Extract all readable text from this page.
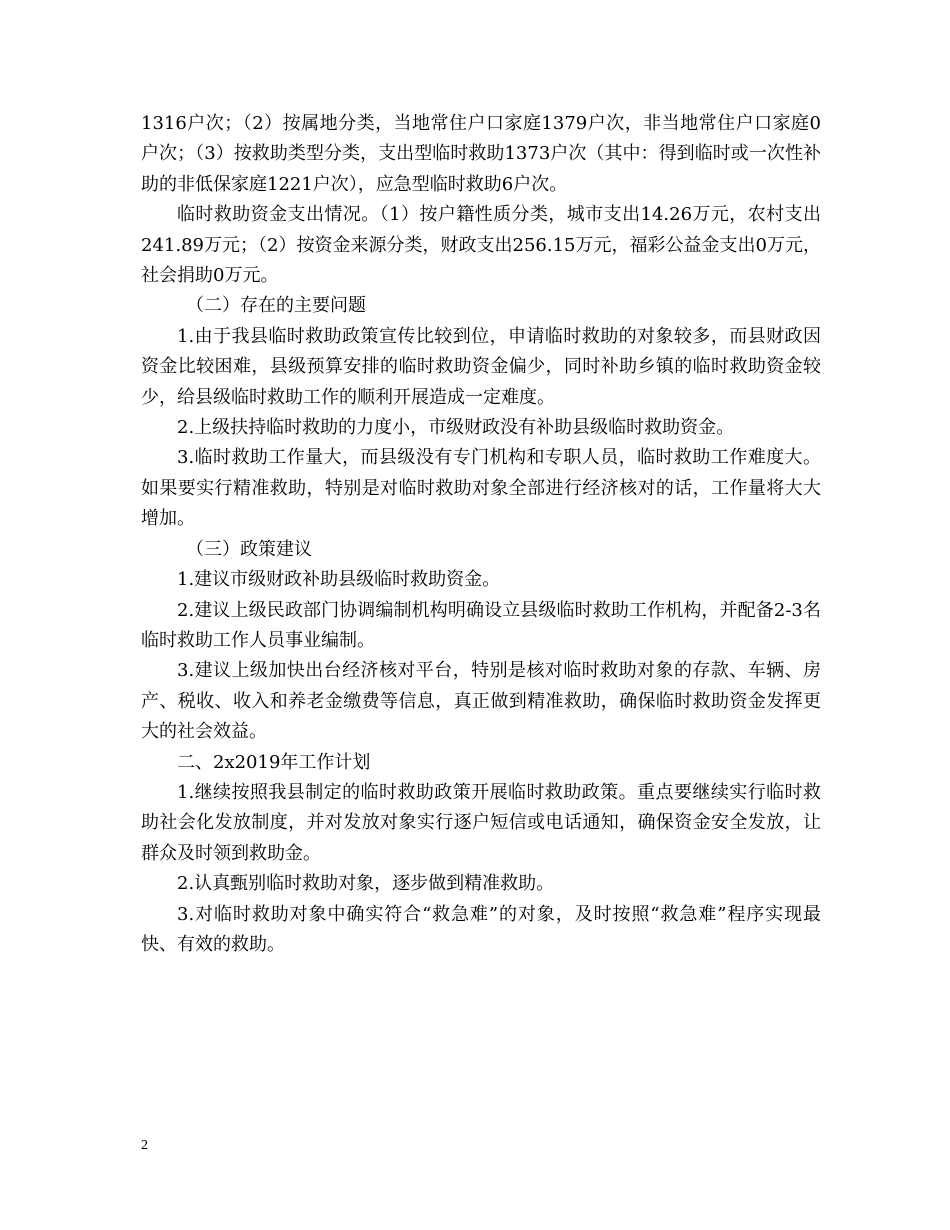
1316户次；（2）按属地分类，当地常住户口家庭1379户次，非当地常住户口家庭0户次；（3）按救助类型分类，支出型临时救助1373户次（其中：得到临时或一次性补助的非低保家庭1221户次），应急型临时救助6户次。

临时救助资金支出情况。（1）按户籍性质分类，城市支出14.26万元，农村支出241.89万元；（2）按资金来源分类，财政支出256.15万元，福彩公益金支出0万元，社会捐助0万元。

（二）存在的主要问题

1.由于我县临时救助政策宣传比较到位，申请临时救助的对象较多，而县财政因资金比较困难，县级预算安排的临时救助资金偏少，同时补助乡镇的临时救助资金较少，给县级临时救助工作的顺利开展造成一定难度。

2.上级扶持临时救助的力度小，市级财政没有补助县级临时救助资金。

3.临时救助工作量大，而县级没有专门机构和专职人员，临时救助工作难度大。如果要实行精准救助，特别是对临时救助对象全部进行经济核对的话，工作量将大大增加。

（三）政策建议

1.建议市级财政补助县级临时救助资金。

2.建议上级民政部门协调编制机构明确设立县级临时救助工作机构，并配备2-3名临时救助工作人员事业编制。

3.建议上级加快出台经济核对平台，特别是核对临时救助对象的存款、车辆、房产、税收、收入和养老金缴费等信息，真正做到精准救助，确保临时救助资金发挥更大的社会效益。

二、2x2019年工作计划

1.继续按照我县制定的临时救助政策开展临时救助政策。重点要继续实行临时救助社会化发放制度，并对发放对象实行逐户短信或电话通知，确保资金安全发放，让群众及时领到救助金。

2.认真甄别临时救助对象，逐步做到精准救助。

3.对临时救助对象中确实符合“救急难”的对象，及时按照“救急难”程序实现最快、有效的救助。

2
